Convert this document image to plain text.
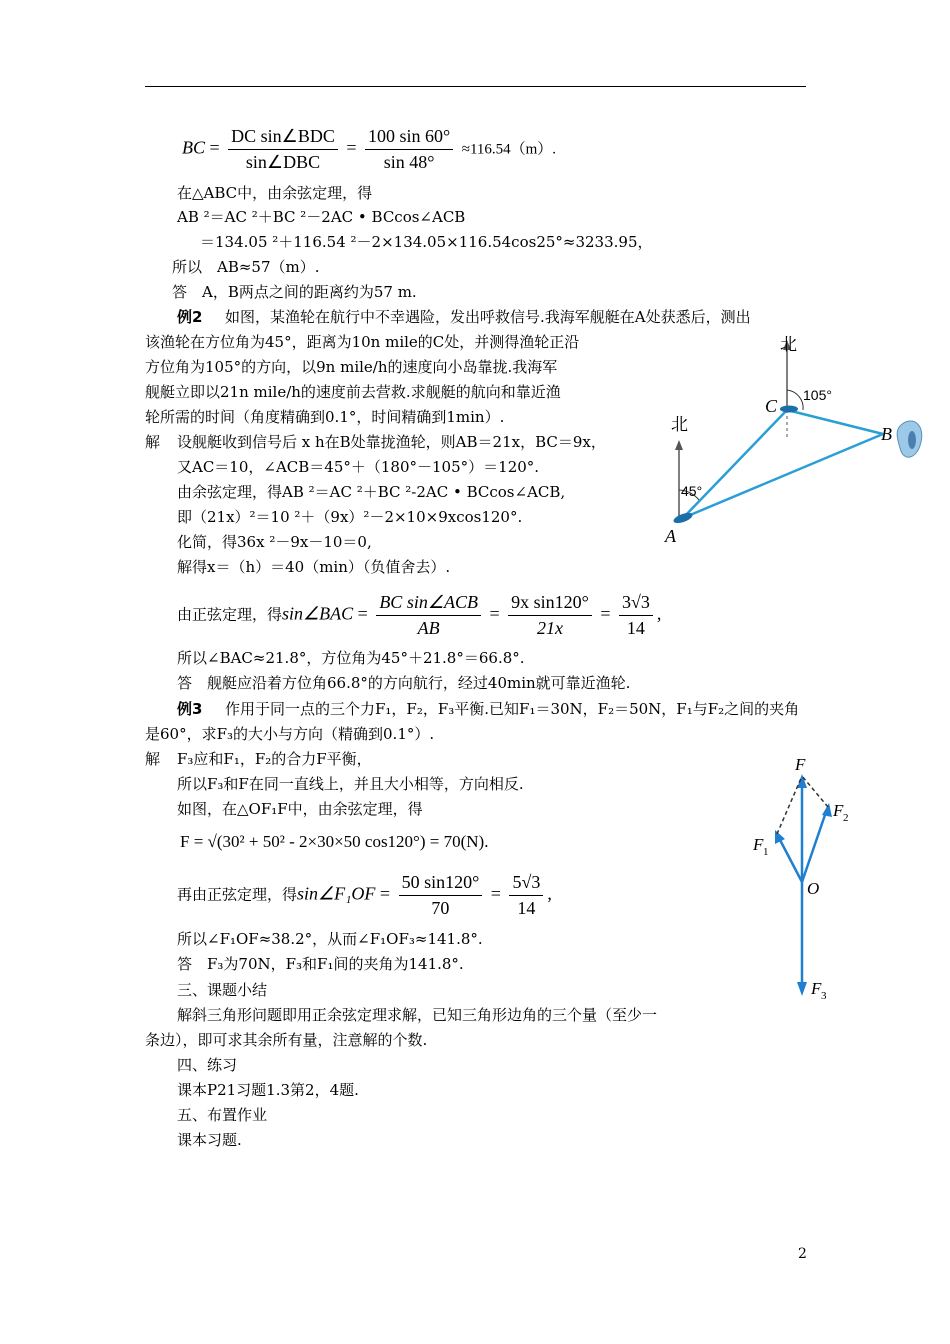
BC = $\frac{\text{DC sin∠BDC}}{\text{sin∠DBC}} = \frac{100 \sin 60^\circ}{\sin 48^\circ} \approx 116.54(m)$.
在△ABC中，由余弦定理，得
AB ²＝AC ²＋BC ²－2AC • BCcos∠ACB
＝134.05 ²＋116.54 ²－2×134.05×116.54cos25°≈3233.95，
所以　AB≈57（m）.
答　A，B两点之间的距离约为57 m.
例2 如图，某渔轮在航行中不幸遇险，发出呼救信号.我海军舰艇在A处获悉后，测出
该渔轮在方位角为45°，距离为10n mile的C处，并测得渔轮正沿
方位角为105°的方向，以9n mile/h的速度向小岛靠拢.我海军
舰艇立即以21n mile/h的速度前去营救.求舰艇的航向和靠近渔
轮所需的时间（角度精确到0.1°，时间精确到1min）.
解 设舰艇收到信号后 x h在B处靠拢渔轮，则AB＝21x，BC＝9x，
又AC＝10，∠ACB＝45°＋（180°－105°）＝120°.
由余弦定理，得AB ²＝AC ²＋BC ²-2AC • BCcos∠ACB,
即（21x）²＝10 ²＋（9x）²－2×10×9xcos120°.
化简，得36x ²－9x－10＝0,
解得x＝（h）＝40（min）（负值舍去）.
由正弦定理，得sin∠BAC = $\frac{\text{BC sin∠ACB}}{AB} = \frac{\text{9x sin120°}}{21x} = \frac{3√3}{14}$ ,
所以∠BAC≈21.8°，方位角为45°＋21.8°＝66.8°.
答　舰艇应沿着方位角66.8°的方向航行，经过40min就可靠近渔轮.
例3 作用于同一点的三个力F₁，F₂，F₃平衡.已知F₁＝30N，F₂＝50N，F₁与F₂之间的夹角
是60°，求F₃的大小与方向（精确到0.1°）.
解 F₃应和F₁，F₂的合力F平衡，
所以F₃和F在同一直线上，并且大小相等，方向相反.
如图，在△OF₁F中，由余弦定理，得
F = √(30² + 50² - 2×30×50 cos120°) = 70(N).
再由正弦定理，得sin∠F₁OF = $\frac{50 \sin 120^\circ}{70} = \frac{5√3}{14}$ ,
所以∠F₁OF≈38.2°，从而∠F₁OF₃≈141.8°.
答　F₃为70N，F₃和F₁间的夹角为141.8°.
三、课题小结
解斜三角形问题即用正余弦定理求解，已知三角形边角的三个量（至少一
条边），即可求其余所有量，注意解的个数.
四、练习
课本P21习题1.3第2，4题.
五、布置作业
课本习题.
北
105°
北
45°
A
C
B
F
F 1
F 2
F 3
O
2
